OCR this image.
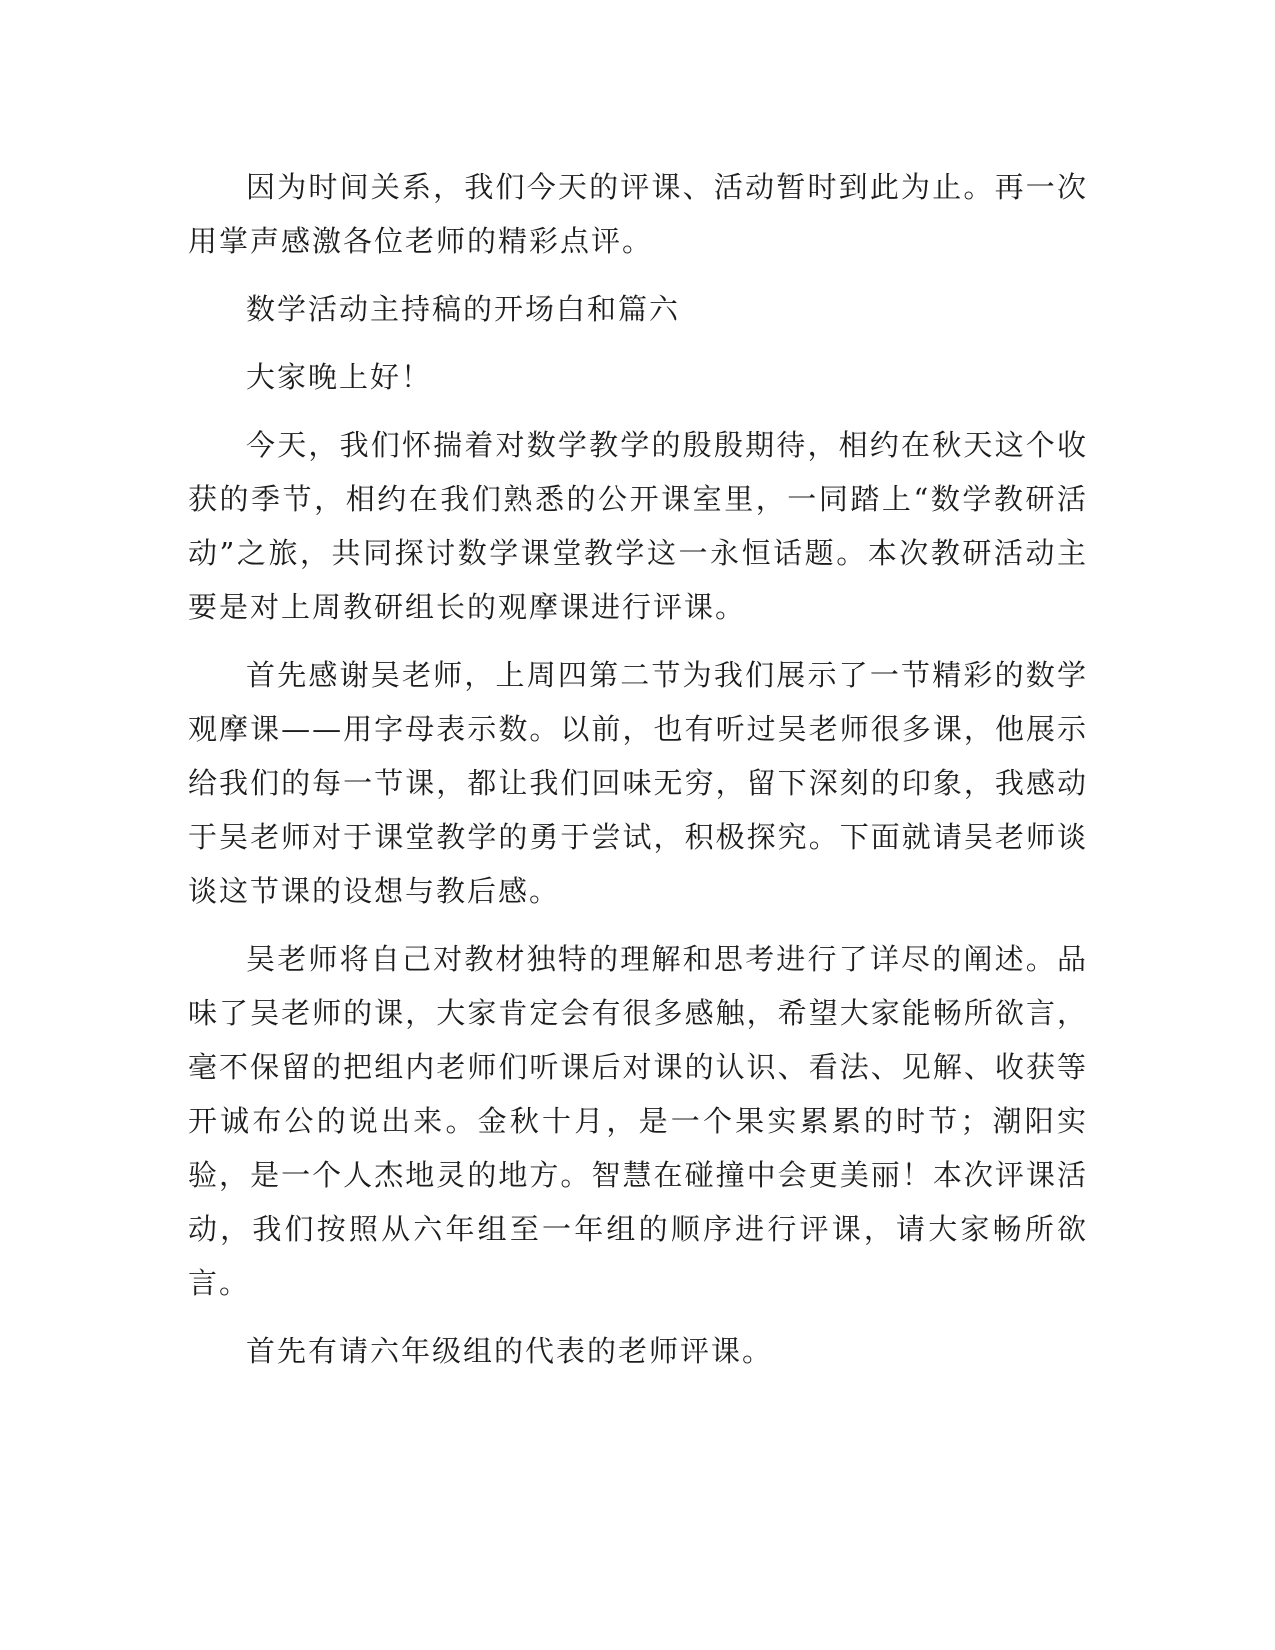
因为时间关系，我们今天的评课、活动暂时到此为止。再一次用掌声感激各位老师的精彩点评。

数学活动主持稿的开场白和篇六

大家晚上好！

今天，我们怀揣着对数学教学的殷殷期待，相约在秋天这个收获的季节，相约在我们熟悉的公开课室里，一同踏上“数学教研活动”之旅，共同探讨数学课堂教学这一永恒话题。本次教研活动主要是对上周教研组长的观摩课进行评课。

首先感谢吴老师，上周四第二节为我们展示了一节精彩的数学观摩课——用字母表示数。以前，也有听过吴老师很多课，他展示给我们的每一节课，都让我们回味无穷，留下深刻的印象，我感动于吴老师对于课堂教学的勇于尝试，积极探究。下面就请吴老师谈谈这节课的设想与教后感。

吴老师将自己对教材独特的理解和思考进行了详尽的阐述。品味了吴老师的课，大家肯定会有很多感触，希望大家能畅所欲言，毫不保留的把组内老师们听课后对课的认识、看法、见解、收获等开诚布公的说出来。金秋十月，是一个果实累累的时节；潮阳实验，是一个人杰地灵的地方。智慧在碰撞中会更美丽！本次评课活动，我们按照从六年组至一年组的顺序进行评课，请大家畅所欲言。

首先有请六年级组的代表的老师评课。
